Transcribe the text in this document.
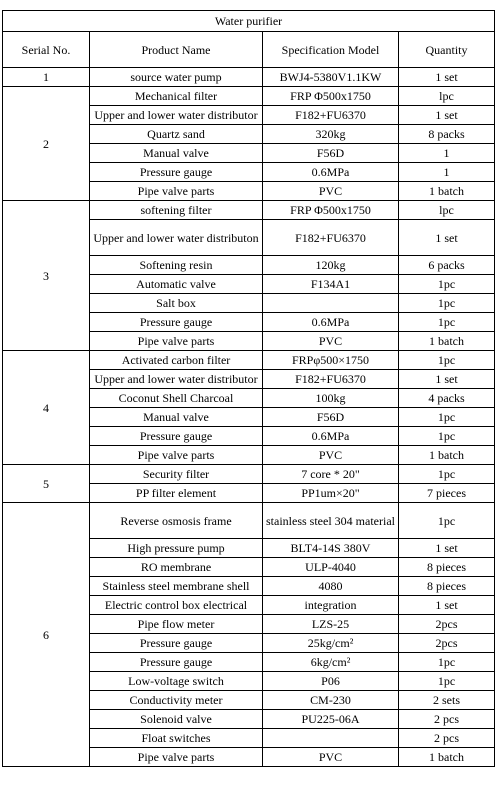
Water purifier			
Serial No.	Product Name	Specification Model	Quantity
1	source water pump	BWJ4-5380V1.1KW	1 set
2	Mechanical filter	FRP Φ500x1750	lpc
	Upper and lower water distributor	F182+FU6370	1 set
	Quartz sand	320kg	8 packs
	Manual valve	F56D	1
	Pressure gauge	0.6MPa	1
	Pipe valve parts	PVC	1 batch
3	softening filter	FRP Φ500x1750	lpc
	Upper and lower water distributon	F182+FU6370	1 set
	Softening resin	120kg	6 packs
	Automatic valve	F134A1	1pc
	Salt box		1pc
	Pressure gauge	0.6MPa	1pc
	Pipe valve parts	PVC	1 batch
4	Activated carbon filter	FRPφ500×1750	1pc
	Upper and lower water distributor	F182+FU6370	1 set
	Coconut Shell Charcoal	100kg	4 packs
	Manual valve	F56D	1pc
	Pressure gauge	0.6MPa	1pc
	Pipe valve parts	PVC	1 batch
5	Security filter	7 core * 20"	1pc
	PP filter element	PP1um×20"	7 pieces
6	Reverse osmosis frame	stainless steel 304 material	1pc
	High pressure pump	BLT4-14S 380V	1 set
	RO membrane	ULP-4040	8 pieces
	Stainless steel membrane shell	4080	8 pieces
	Electric control box electrical	integration	1 set
	Pipe flow meter	LZS-25	2pcs
	Pressure gauge	25kg/cm²	2pcs
	Pressure gauge	6kg/cm²	1pc
	Low-voltage switch	P06	1pc
	Conductivity meter	CM-230	2 sets
	Solenoid valve	PU225-06A	2 pcs
	Float switches		2 pcs
	Pipe valve parts	PVC	1 batch
